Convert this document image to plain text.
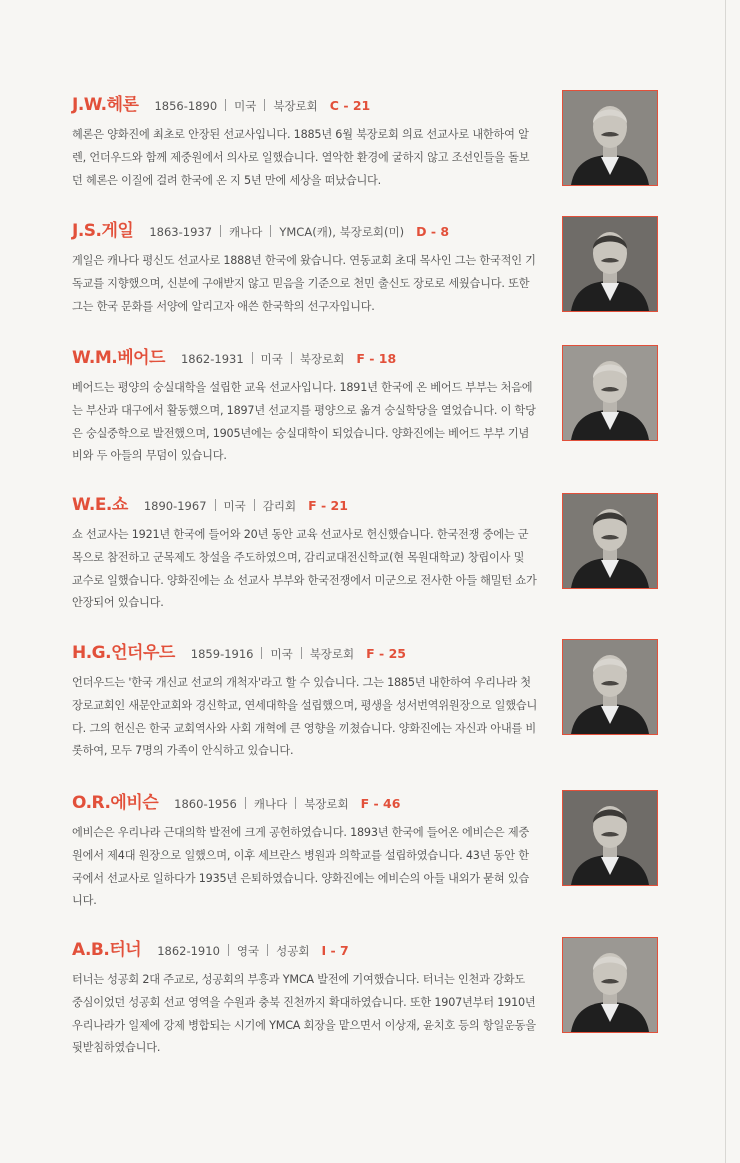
J.W.헤론 1856-1890 미국 북장로회 C - 21
헤론은 양화진에 최초로 안장된 선교사입니다. 1885년 6월 북장로회 의료 선교사로 내한하여 알렌, 언더우드와 함께 제중원에서 의사로 일했습니다. 열악한 환경에 굴하지 않고 조선인들을 돌보던 헤론은 이질에 걸려 한국에 온 지 5년 만에 세상을 떠났습니다.
J.S.게일 1863-1937 캐나다 YMCA(캐), 북장로회(미) D - 8
게일은 캐나다 평신도 선교사로 1888년 한국에 왔습니다. 연동교회 초대 목사인 그는 한국적인 기독교를 지향했으며, 신분에 구애받지 않고 믿음을 기준으로 천민 출신도 장로로 세웠습니다. 또한 그는 한국 문화를 서양에 알리고자 애쓴 한국학의 선구자입니다.
W.M.베어드 1862-1931 미국 북장로회 F - 18
베어드는 평양의 숭실대학을 설립한 교육 선교사입니다. 1891년 한국에 온 베어드 부부는 처음에는 부산과 대구에서 활동했으며, 1897년 선교지를 평양으로 옮겨 숭실학당을 열었습니다. 이 학당은 숭실중학으로 발전했으며, 1905년에는 숭실대학이 되었습니다. 양화진에는 베어드 부부 기념비와 두 아들의 무덤이 있습니다.
W.E.쇼 1890-1967 미국 감리회 F - 21
쇼 선교사는 1921년 한국에 들어와 20년 동안 교육 선교사로 헌신했습니다. 한국전쟁 중에는 군목으로 참전하고 군목제도 창설을 주도하였으며, 감리교대전신학교(현 목원대학교) 창립이사 및 교수로 일했습니다. 양화진에는 쇼 선교사 부부와 한국전쟁에서 미군으로 전사한 아들 해밀턴 쇼가 안장되어 있습니다.
H.G.언더우드 1859-1916 미국 북장로회 F - 25
언더우드는 '한국 개신교 선교의 개척자'라고 할 수 있습니다. 그는 1885년 내한하여 우리나라 첫 장로교회인 새문안교회와 경신학교, 연세대학을 설립했으며, 평생을 성서번역위원장으로 일했습니다. 그의 헌신은 한국 교회역사와 사회 개혁에 큰 영향을 끼쳤습니다. 양화진에는 자신과 아내를 비롯하여, 모두 7명의 가족이 안식하고 있습니다.
O.R.에비슨 1860-1956 캐나다 북장로회 F - 46
에비슨은 우리나라 근대의학 발전에 크게 공헌하였습니다. 1893년 한국에 들어온 에비슨은 제중원에서 제4대 원장으로 일했으며, 이후 세브란스 병원과 의학교를 설립하였습니다. 43년 동안 한국에서 선교사로 일하다가 1935년 은퇴하였습니다. 양화진에는 에비슨의 아들 내외가 묻혀 있습니다.
A.B.터너 1862-1910 영국 성공회 I - 7
터너는 성공회 2대 주교로, 성공회의 부흥과 YMCA 발전에 기여했습니다. 터너는 인천과 강화도 중심이었던 성공회 선교 영역을 수원과 충북 진천까지 확대하였습니다. 또한 1907년부터 1910년 우리나라가 일제에 강제 병합되는 시기에 YMCA 회장을 맡으면서 이상재, 윤치호 등의 항일운동을 뒷받침하였습니다.
